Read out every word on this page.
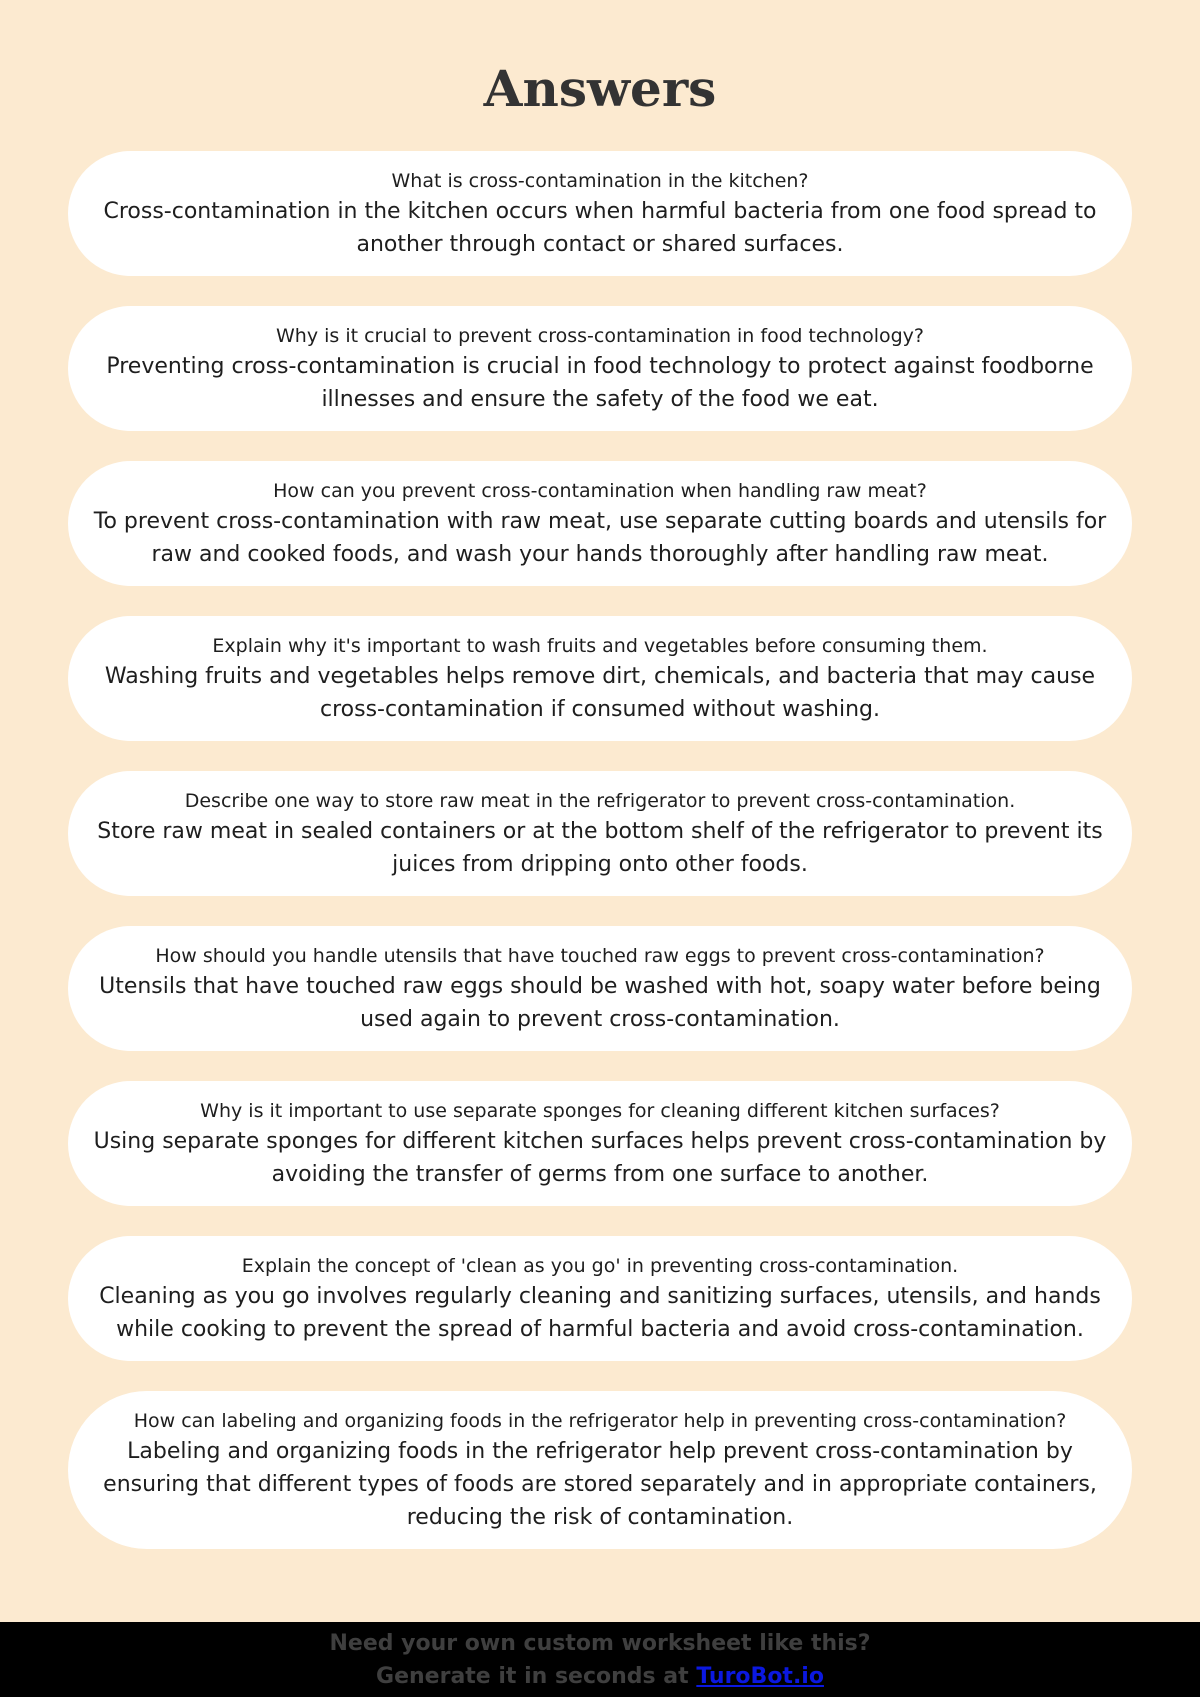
Answers
What is cross-contamination in the kitchen?
Cross-contamination in the kitchen occurs when harmful bacteria from one food spread to another through contact or shared surfaces.
Why is it crucial to prevent cross-contamination in food technology?
Preventing cross-contamination is crucial in food technology to protect against foodborne illnesses and ensure the safety of the food we eat.
How can you prevent cross-contamination when handling raw meat?
To prevent cross-contamination with raw meat, use separate cutting boards and utensils for raw and cooked foods, and wash your hands thoroughly after handling raw meat.
Explain why it's important to wash fruits and vegetables before consuming them.
Washing fruits and vegetables helps remove dirt, chemicals, and bacteria that may cause cross-contamination if consumed without washing.
Describe one way to store raw meat in the refrigerator to prevent cross-contamination.
Store raw meat in sealed containers or at the bottom shelf of the refrigerator to prevent its juices from dripping onto other foods.
How should you handle utensils that have touched raw eggs to prevent cross-contamination?
Utensils that have touched raw eggs should be washed with hot, soapy water before being used again to prevent cross-contamination.
Why is it important to use separate sponges for cleaning different kitchen surfaces?
Using separate sponges for different kitchen surfaces helps prevent cross-contamination by avoiding the transfer of germs from one surface to another.
Explain the concept of 'clean as you go' in preventing cross-contamination.
Cleaning as you go involves regularly cleaning and sanitizing surfaces, utensils, and hands while cooking to prevent the spread of harmful bacteria and avoid cross-contamination.
How can labeling and organizing foods in the refrigerator help in preventing cross-contamination?
Labeling and organizing foods in the refrigerator help prevent cross-contamination by ensuring that different types of foods are stored separately and in appropriate containers, reducing the risk of contamination.
Need your own custom worksheet like this?
Generate it in seconds at TuroBot.io
